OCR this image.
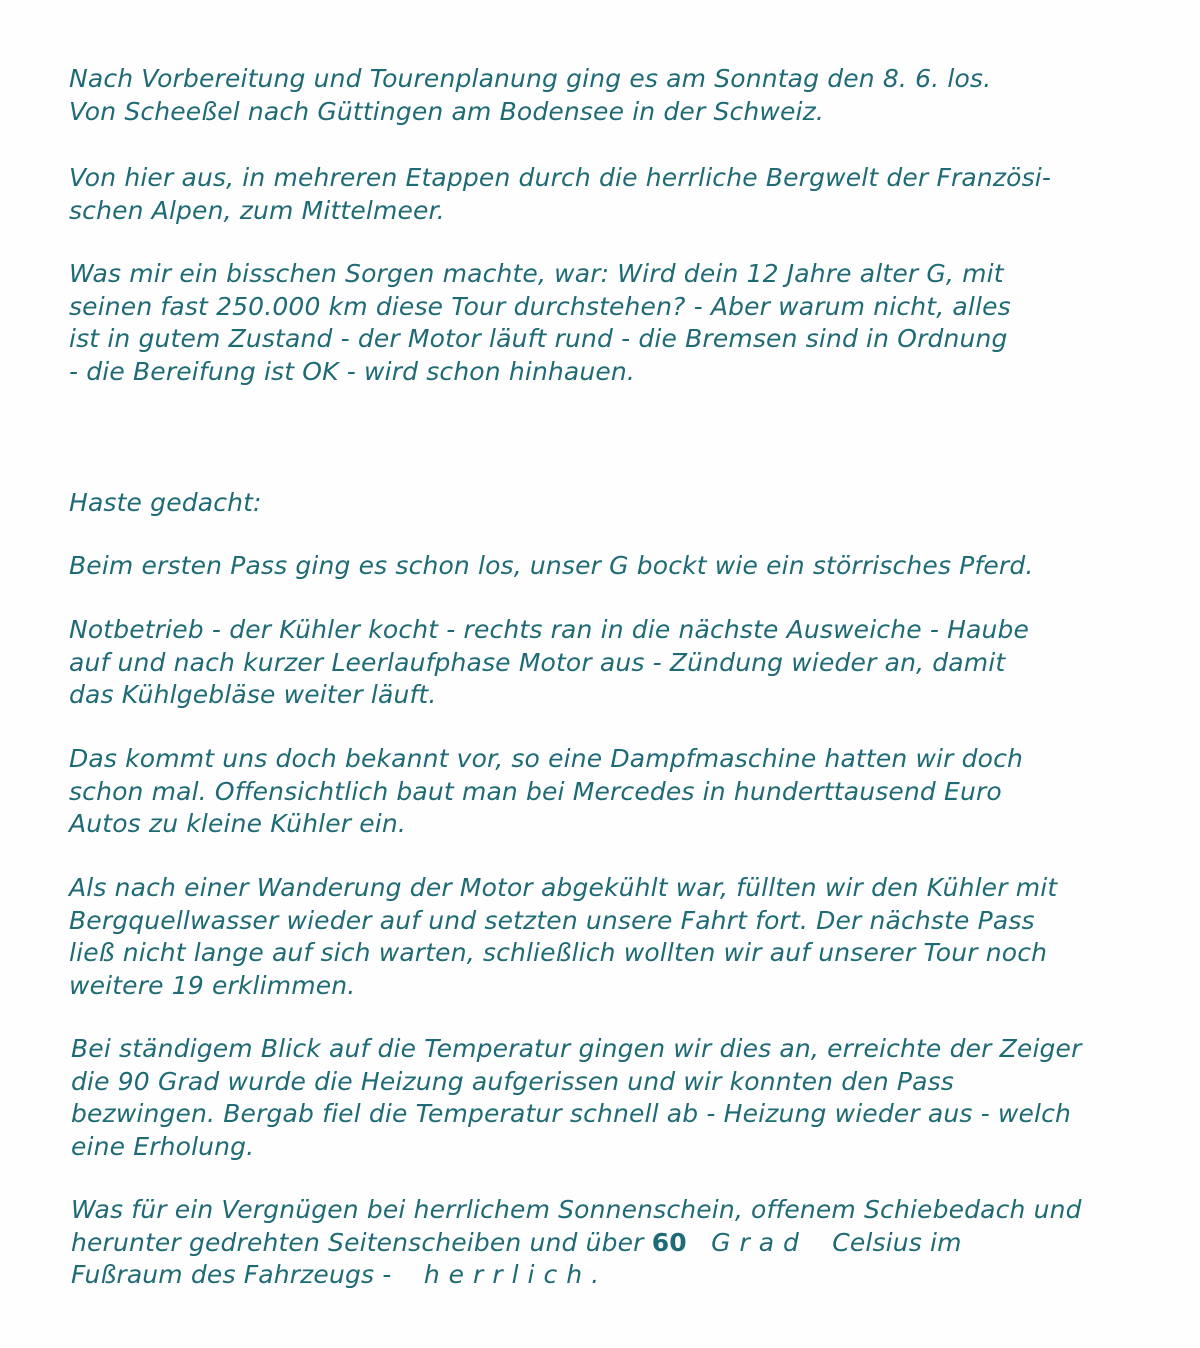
Nach Vorbereitung und Tourenplanung ging es am Sonntag den 8. 6. los.
Von Scheeßel nach Güttingen am Bodensee in der Schweiz.

Von hier aus, in mehreren Etappen durch die herrliche Bergwelt der Französi-
schen Alpen, zum Mittelmeer.

Was mir ein bisschen Sorgen machte, war: Wird dein 12 Jahre alter G, mit
seinen fast 250.000 km diese Tour durchstehen? - Aber warum nicht, alles
ist in gutem Zustand - der Motor läuft rund - die Bremsen sind in Ordnung
- die Bereifung ist OK - wird schon hinhauen.

Haste gedacht:

Beim ersten Pass ging es schon los, unser G bockt wie ein störrisches Pferd.

Notbetrieb - der Kühler kocht - rechts ran in die nächste Ausweiche - Haube
auf und nach kurzer Leerlaufphase Motor aus - Zündung wieder an, damit
das Kühlgebläse weiter läuft.

Das kommt uns doch bekannt vor, so eine Dampfmaschine hatten wir doch
schon mal. Offensichtlich baut man bei Mercedes in hunderttausend Euro
Autos zu kleine Kühler ein.

Als nach einer Wanderung der Motor abgekühlt war, füllten wir den Kühler mit
Bergquellwasser wieder auf und setzten unsere Fahrt fort. Der nächste Pass
ließ nicht lange auf sich warten, schließlich wollten wir auf unserer Tour noch
weitere 19 erklimmen.

Bei ständigem Blick auf die Temperatur gingen wir dies an, erreichte der Zeiger
die 90 Grad wurde die Heizung aufgerissen und wir konnten den Pass
bezwingen. Bergab fiel die Temperatur schnell ab - Heizung wieder aus - welch
eine Erholung.

Was für ein Vergnügen bei herrlichem Sonnenschein, offenem Schiebedach und
herunter gedrehten Seitenscheiben und über 60 Grad Celsius im
Fußraum des Fahrzeugs -    herrlich.
